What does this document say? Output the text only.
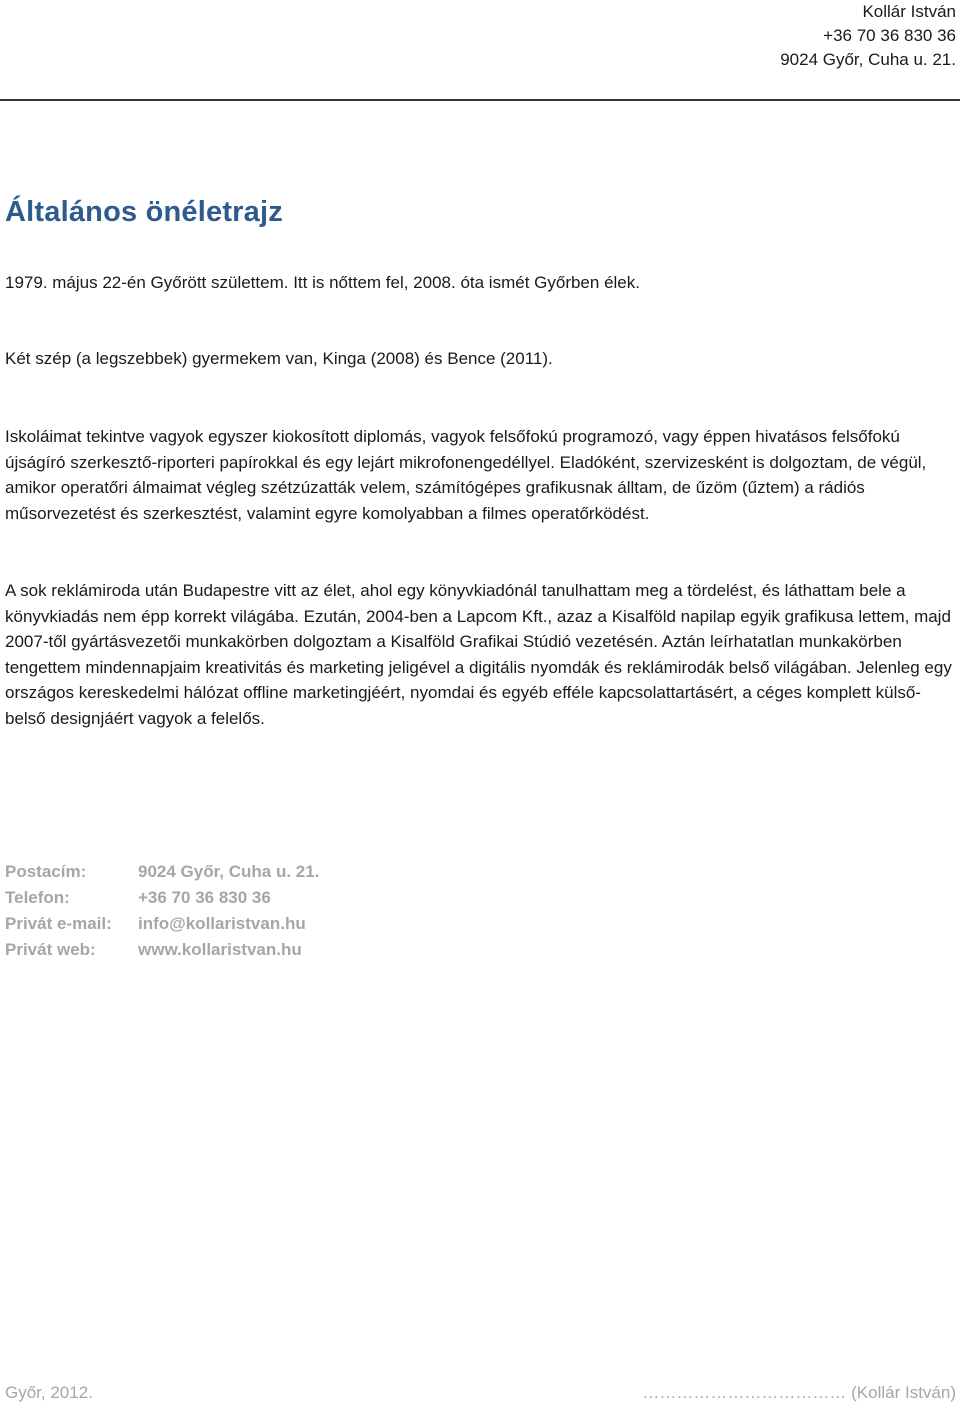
Kollár István
+36 70 36 830 36
9024 Győr, Cuha u. 21.
Általános önéletrajz

1979. május 22-én Győrött születtem. Itt is nőttem fel, 2008. óta ismét Győrben élek.

Két szép (a legszebbek) gyermekem van, Kinga (2008) és Bence (2011).

Iskoláimat tekintve vagyok egyszer kiokosított diplomás, vagyok felsőfokú programozó, vagy éppen hivatásos felsőfokú újságíró szerkesztő-riporteri papírokkal és egy lejárt mikrofonengedéllyel. Eladóként, szervizesként is dolgoztam, de végül, amikor operatőri álmaimat végleg szétzúzatták velem, számítógépes grafikusnak álltam, de űzöm (űztem) a rádiós műsorvezetést és szerkesztést, valamint egyre komolyabban a filmes operatőrködést.

A sok reklámiroda után Budapestre vitt az élet, ahol egy könyvkiadónál tanulhattam meg a tördelést, és láthattam bele a könyvkiadás nem épp korrekt világába. Ezután, 2004-ben a Lapcom Kft., azaz a Kisalföld napilap egyik grafikusa lettem, majd 2007-től gyártásvezetői munkakörben dolgoztam a Kisalföld Grafikai Stúdió vezetésén. Aztán leírhatatlan munkakörben tengettem mindennapjaim kreativitás és marketing jeligével a digitális nyomdák és reklámirodák belső világában. Jelenleg egy országos kereskedelmi hálózat offline marketingjéért, nyomdai és egyéb efféle kapcsolattartásért, a céges komplett külső-belső designjáért vagyok a felelős.

Postacím:	9024 Győr, Cuha u. 21.
Telefon:	+36 70 36 830 36
Privát e-mail:	info@kollaristvan.hu
Privát web:	www.kollaristvan.hu
Győr, 2012.	……………………………… (Kollár István)
